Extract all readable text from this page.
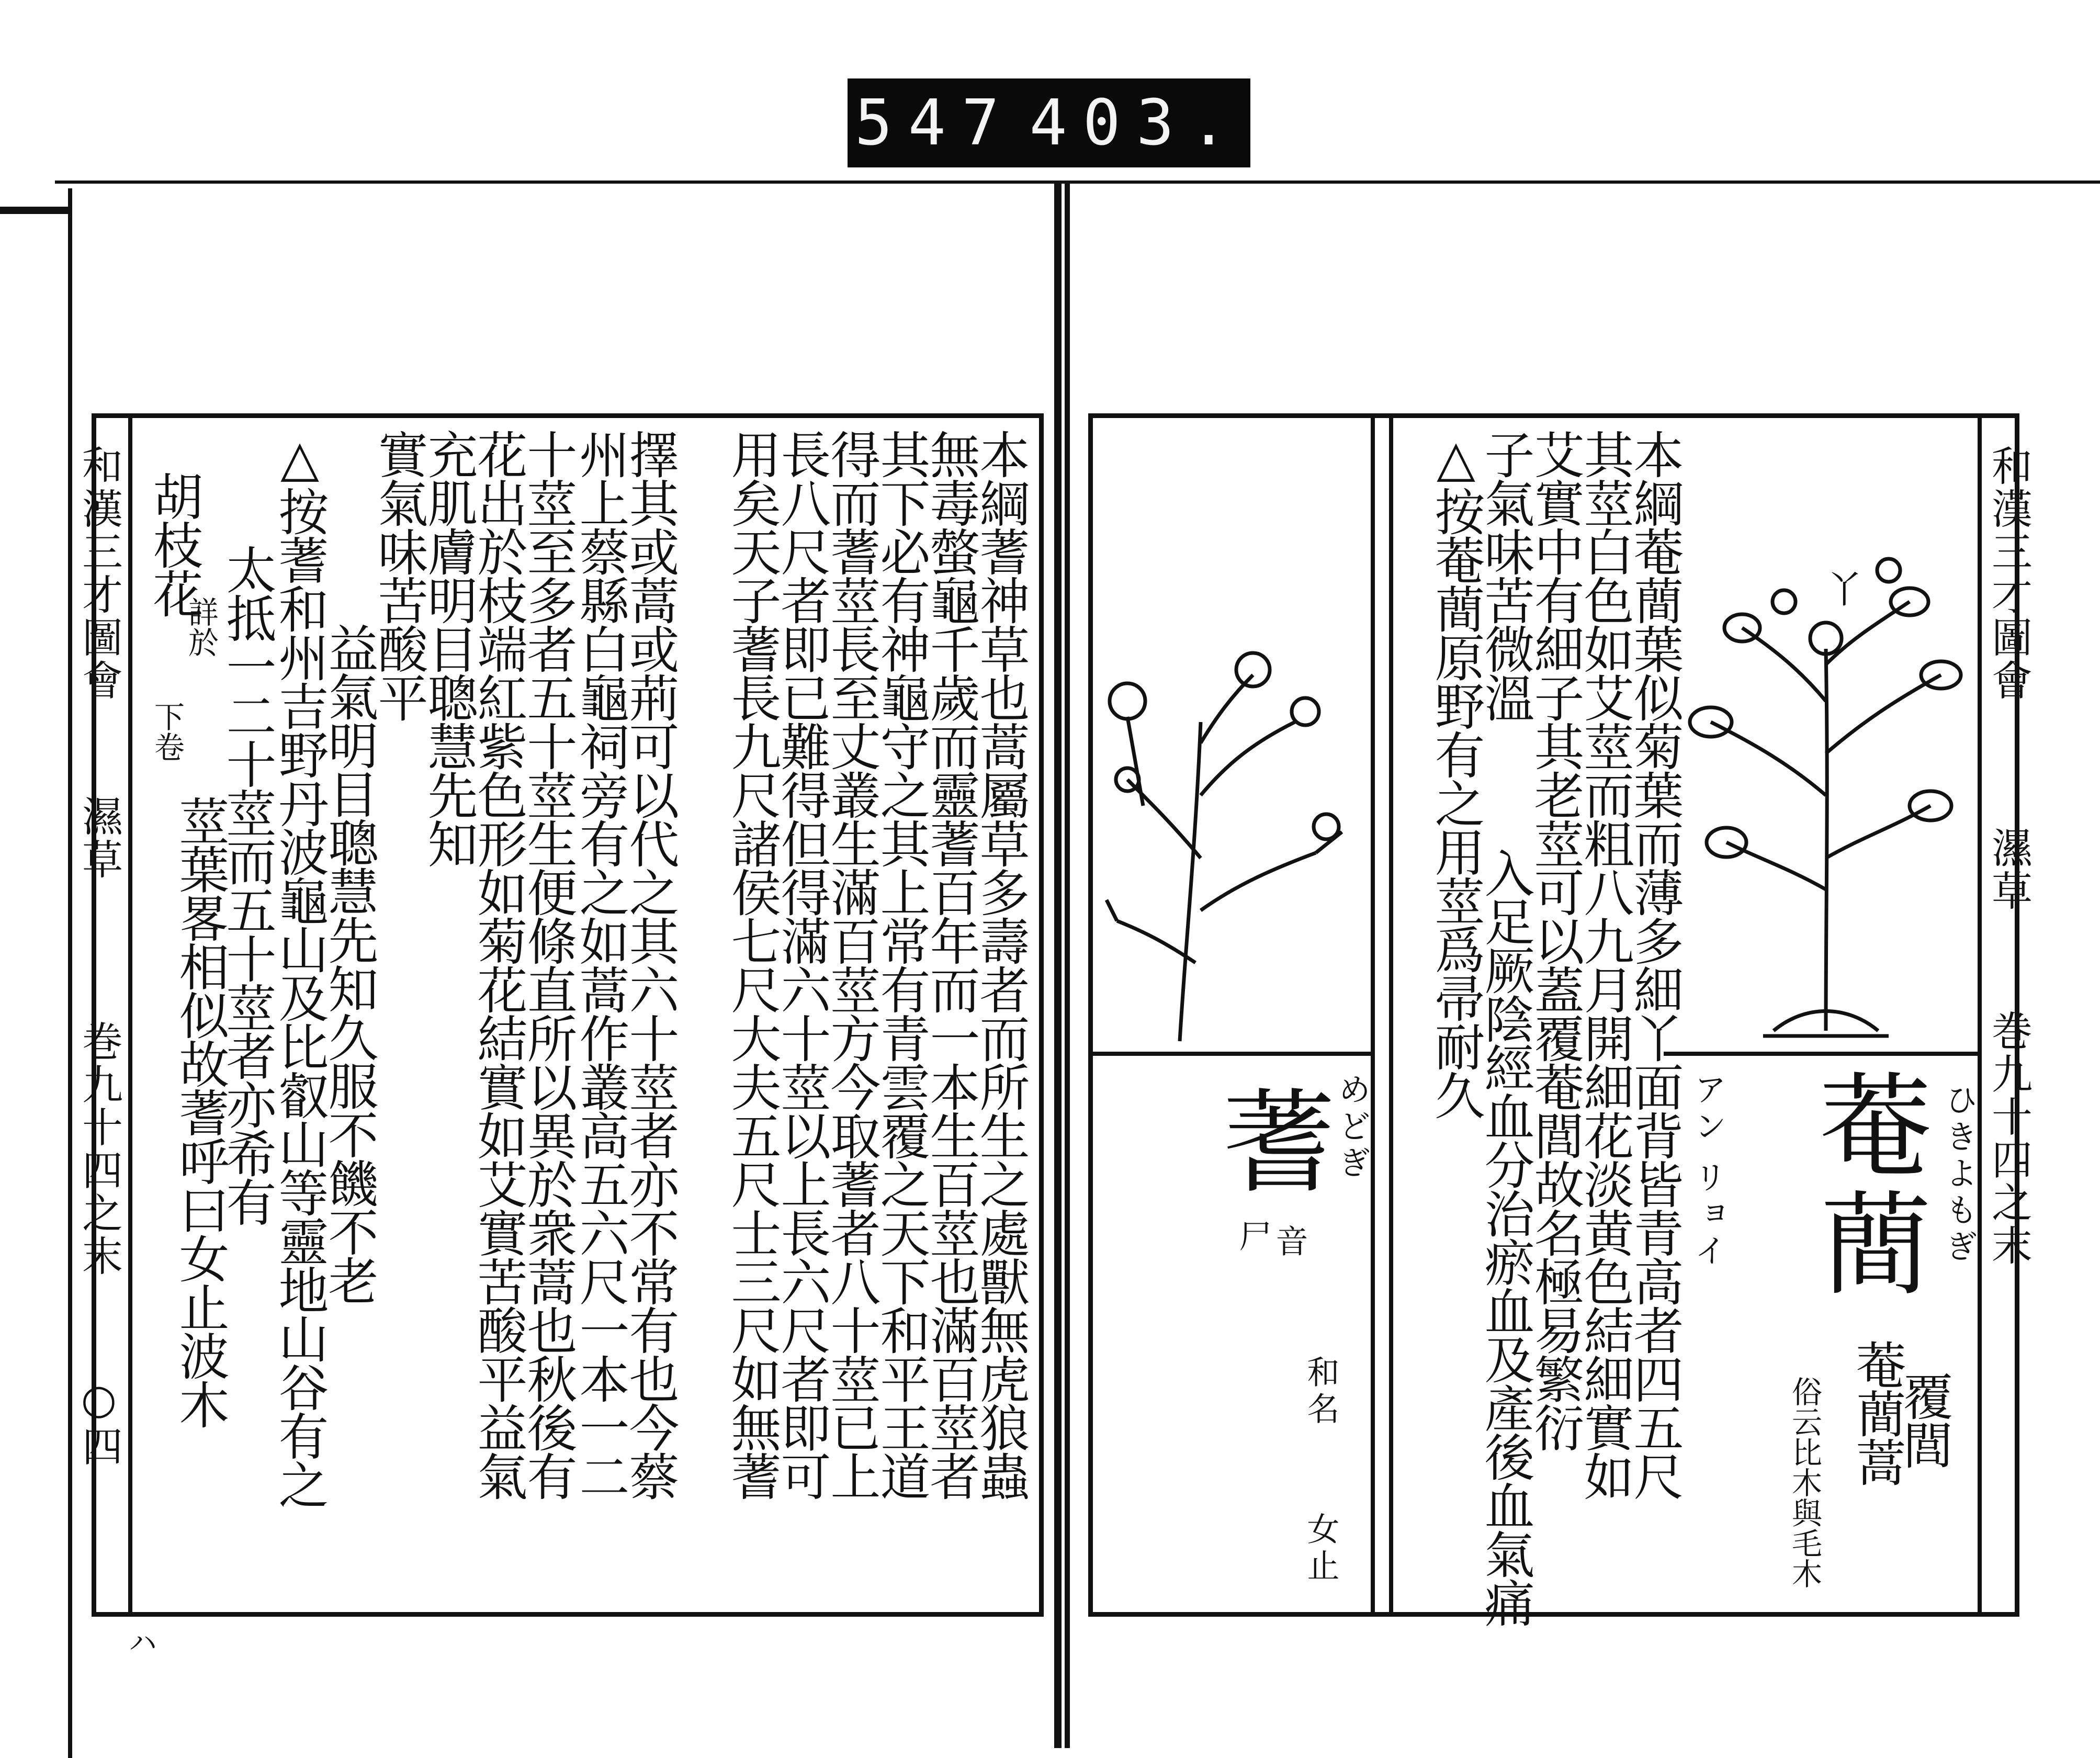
547 403.
和漢三才圖會
濕草
巻九十四之末
○四
ハ
本綱蓍神草也蒿屬草多壽者而所生之處獸無虎狼蟲
無毒螫龜千歲而靈蓍百年而一本生百莖也滿百莖者
其下必有神龜守之其上常有青雲覆之天下和平王道
得而蓍莖長至丈叢生滿百莖方今取蓍者八十莖已上
長八尺者即已難得但得滿六十莖以上長六尺者即可
用矣天子蓍長九尺諸侯七尺大夫五尺士三尺如無蓍
擇其或蒿或荊可以代之其六十莖者亦不常有也今蔡
州上蔡縣白龜祠旁有之如蒿作叢高五六尺一本一二
十莖至多者五十莖生便條直所以異於衆蒿也秋後有
花出於枝端紅紫色形如菊花結實如艾實苦酸平益氣
充肌膚明目聰慧先知
實氣味苦酸平
益氣明目聰慧先知久服不饑不老
△按蓍和州吉野丹波龜山及比叡山等靈地山谷有之
太抵一二十莖而五十莖者亦希有
詳於
下卷
胡枝花
莖葉畧相似故蓍呼曰女止波木
和漢三才圖會
濕草
巻九十四之末
本綱菴蕳葉似菊葉而薄多細丫面背皆青高者四五尺
其莖白色如艾莖而粗八九月開細花淡黄色結細實如
艾實中有細子其老莖可以蓋覆菴閭故名極易繁衍
子氣味苦微溫
入足厥陰經血分治瘀血及產後血氣痛
△按菴蕳原野有之用莖爲帚耐久	丫
菴蕳 ひきよもぎ
アン リョイ
覆閭
菴蕳蒿
俗云比木與毛木
蓍
めどぎ
音
尸
和名
女止
